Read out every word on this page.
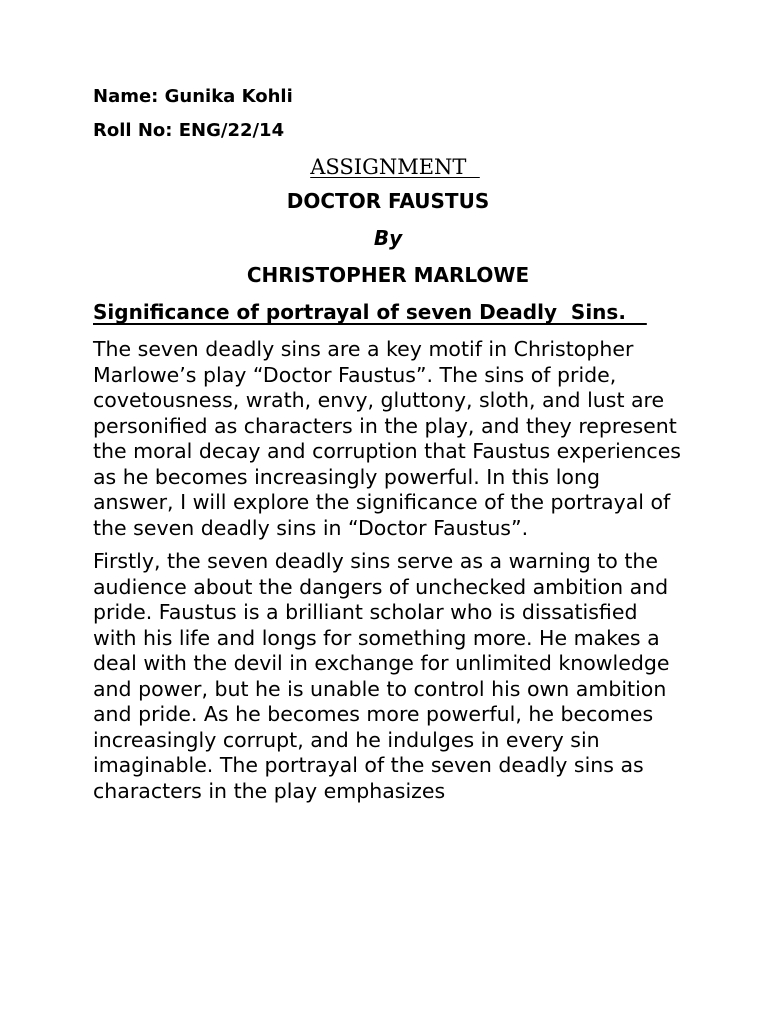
Name: Gunika Kohli
Roll No: ENG/22/14
ASSIGNMENT
DOCTOR FAUSTUS
By
CHRISTOPHER MARLOWE
Significance of portrayal of seven Deadly  Sins.

The seven deadly sins are a key motif in Christopher Marlowe’s play “Doctor Faustus”. The sins of pride, covetousness, wrath, envy, gluttony, sloth, and lust are personified as characters in the play, and they represent the moral decay and corruption that Faustus experiences as he becomes increasingly powerful. In this long answer, I will explore the significance of the portrayal of the seven deadly sins in “Doctor Faustus”.

Firstly, the seven deadly sins serve as a warning to the audience about the dangers of unchecked ambition and pride. Faustus is a brilliant scholar who is dissatisfied with his life and longs for something more. He makes a deal with the devil in exchange for unlimited knowledge and power, but he is unable to control his own ambition and pride. As he becomes more powerful, he becomes increasingly corrupt, and he indulges in every sin imaginable. The portrayal of the seven deadly sins as characters in the play emphasizes
